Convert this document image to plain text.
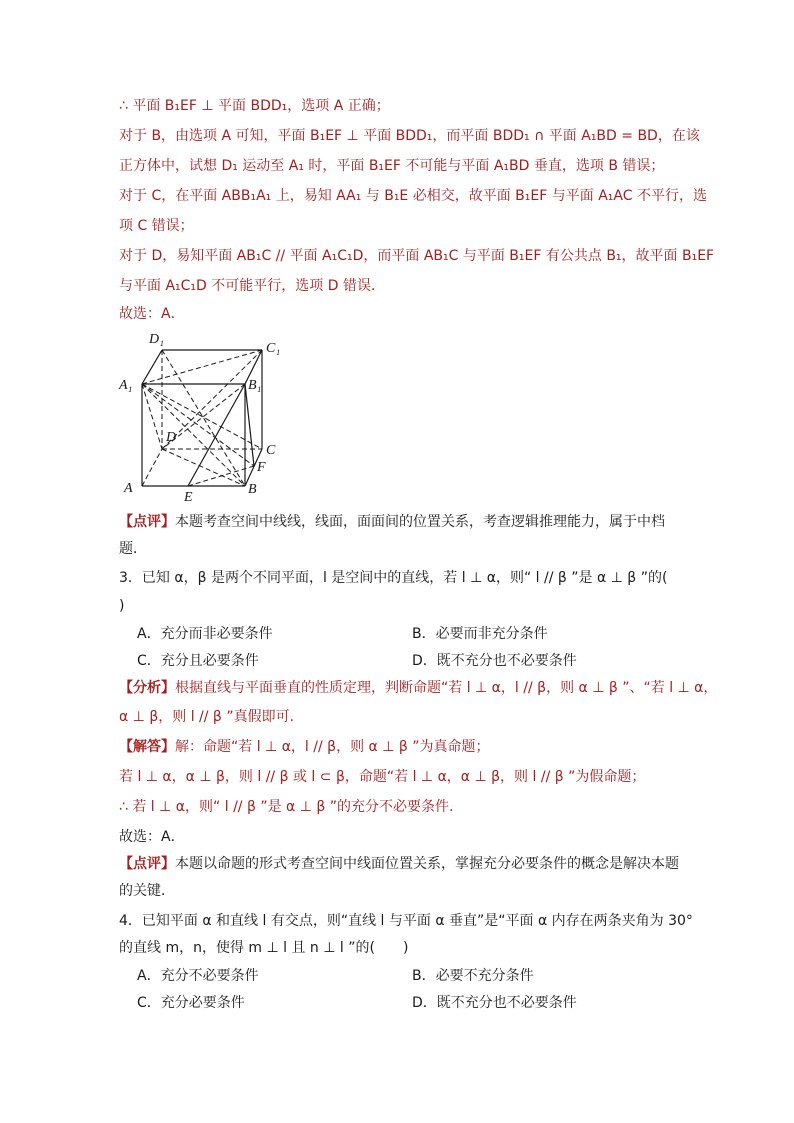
∴ 平面 B₁EF ⊥ 平面 BDD₁，选项 A 正确；
对于 B，由选项 A 可知，平面 B₁EF ⊥ 平面 BDD₁，而平面 BDD₁ ∩ 平面 A₁BD = BD，在该
正方体中，试想 D₁ 运动至 A₁ 时，平面 B₁EF 不可能与平面 A₁BD 垂直，选项 B 错误；
对于 C，在平面 ABB₁A₁ 上，易知 AA₁ 与 B₁E 必相交，故平面 B₁EF 与平面 A₁AC 不平行，选
项 C 错误；
对于 D，易知平面 AB₁C // 平面 A₁C₁D，而平面 AB₁C 与平面 B₁EF 有公共点 B₁，故平面 B₁EF
与平面 A₁C₁D 不可能平行，选项 D 错误．
故选：A．
D₁
C₁
A₁	B₁
D
C
F
A
E
B
【点评】本题考查空间中线线，线面，面面间的位置关系，考查逻辑推理能力，属于中档
题．
3．已知 α，β 是两个不同平面，l 是空间中的直线，若 l ⊥ α，则“ l // β ”是 α ⊥ β ”的(
)
A．充分而非必要条件	B．必要而非充分条件
C．充分且必要条件	D．既不充分也不必要条件
【分析】根据直线与平面垂直的性质定理，判断命题“若 l ⊥ α，l // β，则 α ⊥ β ”、“若 l ⊥ α，
α ⊥ β，则 l // β ”真假即可.
【解答】解：命题“若 l ⊥ α，l // β，则 α ⊥ β ”为真命题；
若 l ⊥ α，α ⊥ β，则 l // β 或 l ⊂ β，命题“若 l ⊥ α，α ⊥ β，则 l // β ”为假命题；
∴ 若 l ⊥ α，则“ l // β ”是 α ⊥ β ”的充分不必要条件.
故选：A．
【点评】本题以命题的形式考查空间中线面位置关系，掌握充分必要条件的概念是解决本题
的关键．
4．已知平面 α 和直线 l 有交点，则“直线 l 与平面 α 垂直”是“平面 α 内存在两条夹角为 30°
的直线 m，n，使得 m ⊥ l 且 n ⊥ l ”的(　　)
A．充分不必要条件	B．必要不充分条件
C．充分必要条件	D．既不充分也不必要条件
